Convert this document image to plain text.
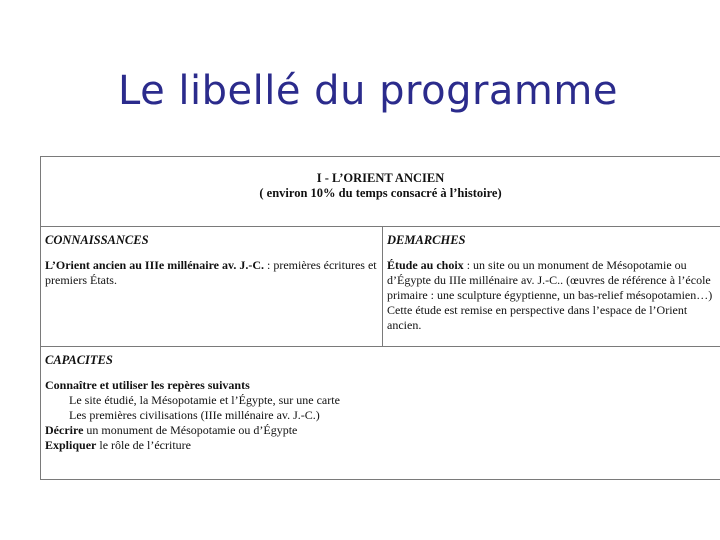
Le libellé du programme
I - L’ORIENT ANCIEN
( environ 10% du temps consacré à l’histoire)

CONNAISSANCES
L’Orient ancien au IIIe millénaire av. J.-C. : premières écritures et
premiers États.

DEMARCHES
Étude au choix : un site ou un monument de Mésopotamie ou
d’Égypte du IIIe millénaire av. J.-C.. (œuvres de référence à l’école
primaire : une sculpture égyptienne, un bas-relief mésopotamien…)
Cette étude est remise en perspective dans l’espace de l’Orient ancien.

CAPACITES
Connaître et utiliser les repères suivants
Le site étudié, la Mésopotamie et l’Égypte, sur une carte
Les premières civilisations (IIIe millénaire av. J.-C.)
Décrire un monument de Mésopotamie ou d’Égypte
Expliquer le rôle de l’écriture
